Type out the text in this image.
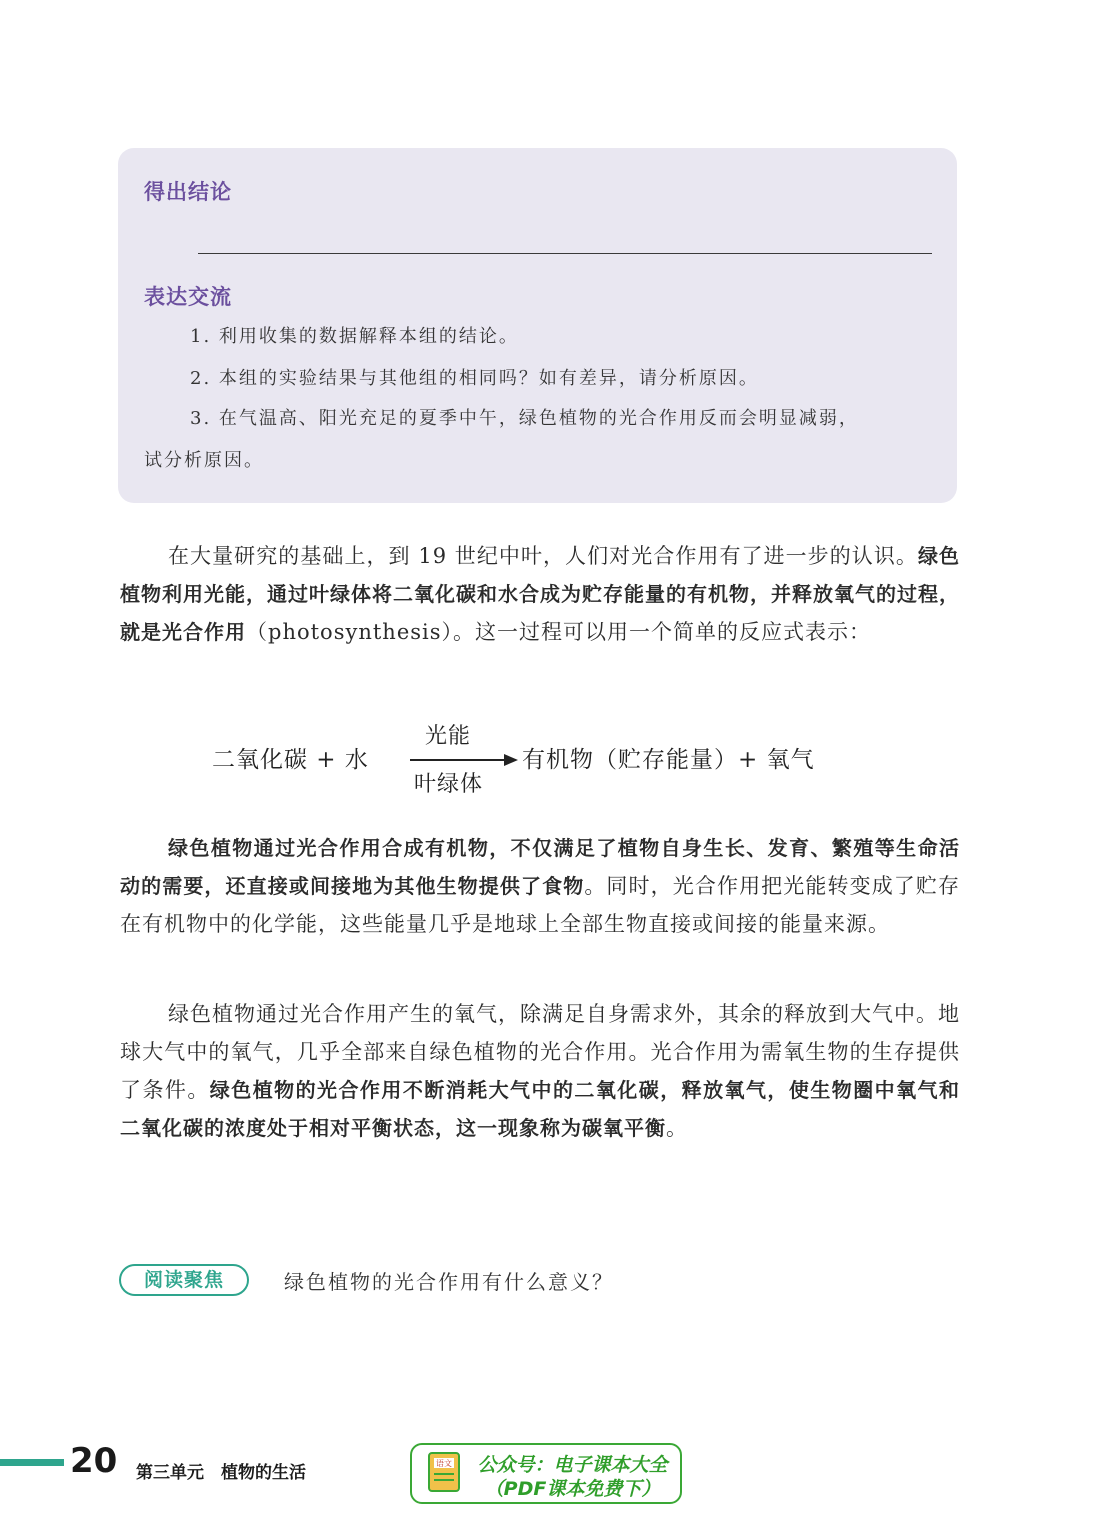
得出结论
表达交流
1. 利用收集的数据解释本组的结论。
2. 本组的实验结果与其他组的相同吗？如有差异，请分析原因。
3. 在气温高、阳光充足的夏季中午，绿色植物的光合作用反而会明显减弱，
试分析原因。

在大量研究的基础上，到 19 世纪中叶，人们对光合作用有了进一步的认识。绿色植物利用光能，通过叶绿体将二氧化碳和水合成为贮存能量的有机物，并释放氧气的过程，就是光合作用（photosynthesis）。这一过程可以用一个简单的反应式表示：

二氧化碳 + 水
光能
叶绿体
有机物（贮存能量）+ 氧气

绿色植物通过光合作用合成有机物，不仅满足了植物自身生长、发育、繁殖等生命活动的需要，还直接或间接地为其他生物提供了食物。同时，光合作用把光能转变成了贮存在有机物中的化学能，这些能量几乎是地球上全部生物直接或间接的能量来源。

绿色植物通过光合作用产生的氧气，除满足自身需求外，其余的释放到大气中。地球大气中的氧气，几乎全部来自绿色植物的光合作用。光合作用为需氧生物的生存提供了条件。绿色植物的光合作用不断消耗大气中的二氧化碳，释放氧气，使生物圈中氧气和二氧化碳的浓度处于相对平衡状态，这一现象称为碳氧平衡。

阅读聚焦	绿色植物的光合作用有什么意义？
20 第三单元　植物的生活	语文	公众号：电子课本大全
（PDF课本免费下）
